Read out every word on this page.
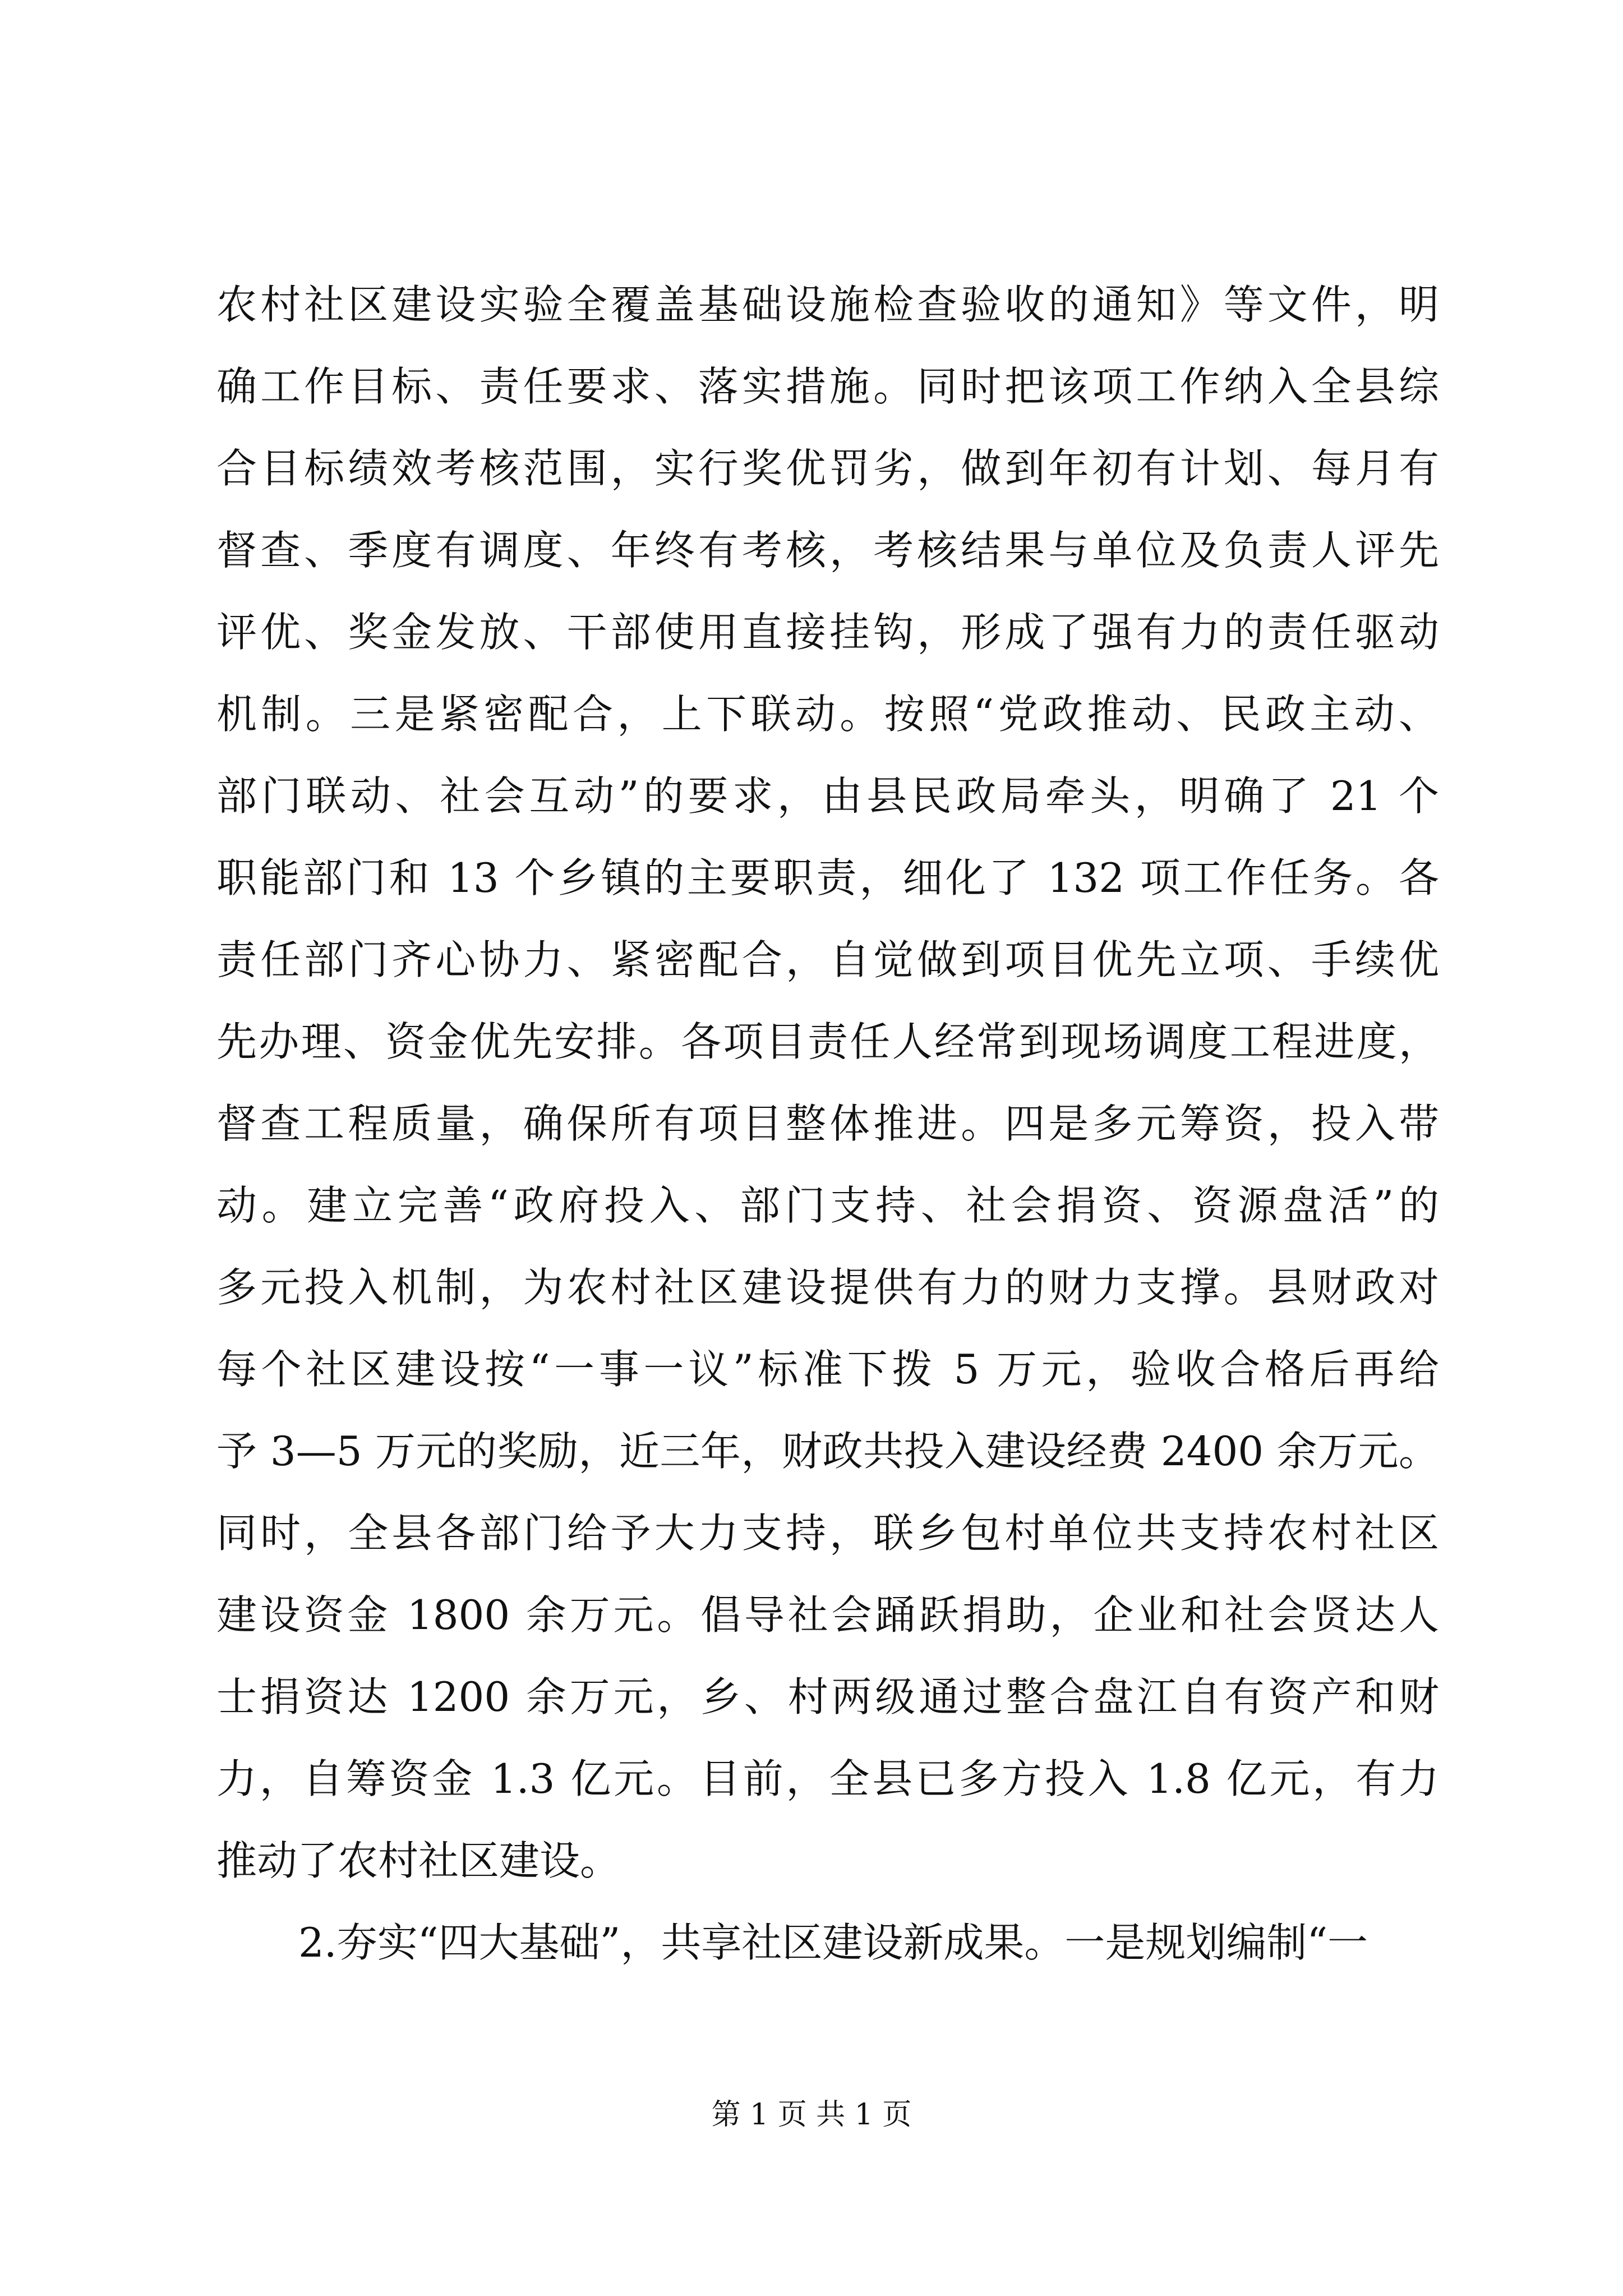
农村社区建设实验全覆盖基础设施检查验收的通知》等文件，明
确工作目标、责任要求、落实措施。同时把该项工作纳入全县综
合目标绩效考核范围，实行奖优罚劣，做到年初有计划、每月有
督查、季度有调度、年终有考核，考核结果与单位及负责人评先
评优、奖金发放、干部使用直接挂钩，形成了强有力的责任驱动
机制。三是紧密配合，上下联动。按照“党政推动、民政主动、
部门联动、社会互动”的要求，由县民政局牵头，明确了 21 个
职能部门和 13 个乡镇的主要职责，细化了 132 项工作任务。各
责任部门齐心协力、紧密配合，自觉做到项目优先立项、手续优
先办理、资金优先安排。各项目责任人经常到现场调度工程进度，
督查工程质量，确保所有项目整体推进。四是多元筹资，投入带
动。建立完善“政府投入、部门支持、社会捐资、资源盘活”的
多元投入机制，为农村社区建设提供有力的财力支撑。县财政对
每个社区建设按“一事一议”标准下拨 5 万元，验收合格后再给
予 3—5 万元的奖励，近三年，财政共投入建设经费 2400 余万元。
同时，全县各部门给予大力支持，联乡包村单位共支持农村社区
建设资金 1800 余万元。倡导社会踊跃捐助，企业和社会贤达人
士捐资达 1200 余万元，乡、村两级通过整合盘江自有资产和财
力，自筹资金 1.3 亿元。目前，全县已多方投入 1.8 亿元，有力
推动了农村社区建设。
2.夯实“四大基础”，共享社区建设新成果。一是规划编制“一
第 1 页 共 1 页
